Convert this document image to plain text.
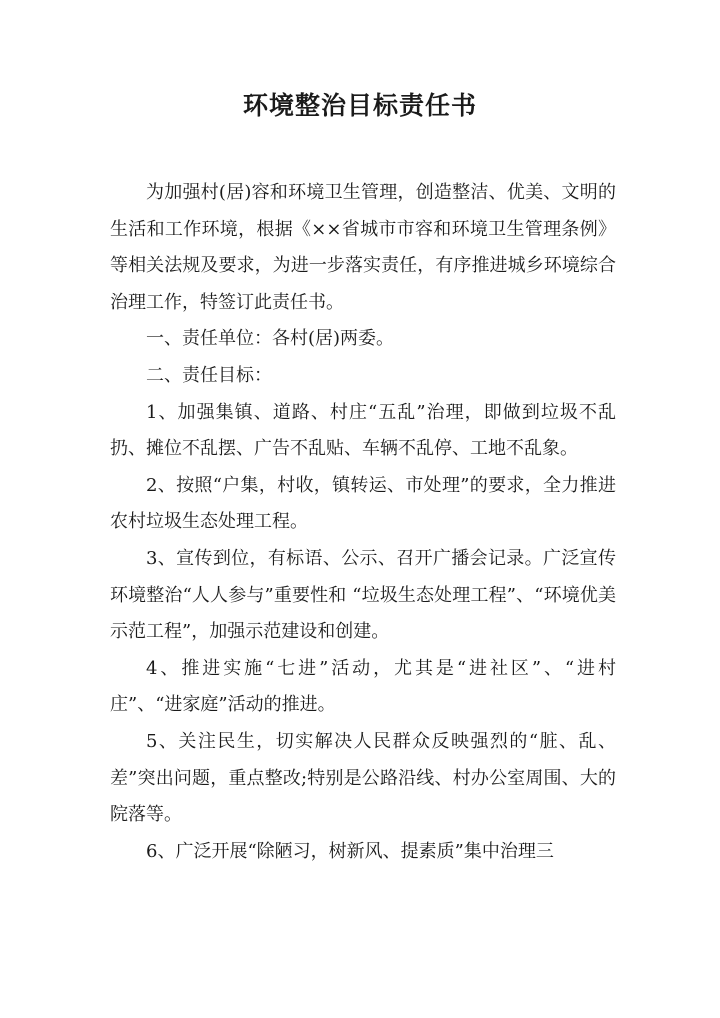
环境整治目标责任书

为加强村(居)容和环境卫生管理，创造整洁、优美、文明的生活和工作环境，根据《××省城市市容和环境卫生管理条例》等相关法规及要求，为进一步落实责任，有序推进城乡环境综合治理工作，特签订此责任书。

一、责任单位：各村(居)两委。

二、责任目标：

1、加强集镇、道路、村庄“五乱”治理，即做到垃圾不乱扔、摊位不乱摆、广告不乱贴、车辆不乱停、工地不乱象。

2、按照“户集，村收，镇转运、市处理”的要求，全力推进农村垃圾生态处理工程。

3、宣传到位，有标语、公示、召开广播会记录。广泛宣传环境整治“人人参与”重要性和 “垃圾生态处理工程”、“环境优美示范工程”，加强示范建设和创建。

4、推进实施“七进”活动，尤其是“进社区”、“进村庄”、“进家庭”活动的推进。

5、关注民生，切实解决人民群众反映强烈的“脏、乱、差”突出问题，重点整改;特别是公路沿线、村办公室周围、大的院落等。

6、广泛开展“除陋习，树新风、提素质”集中治理三
